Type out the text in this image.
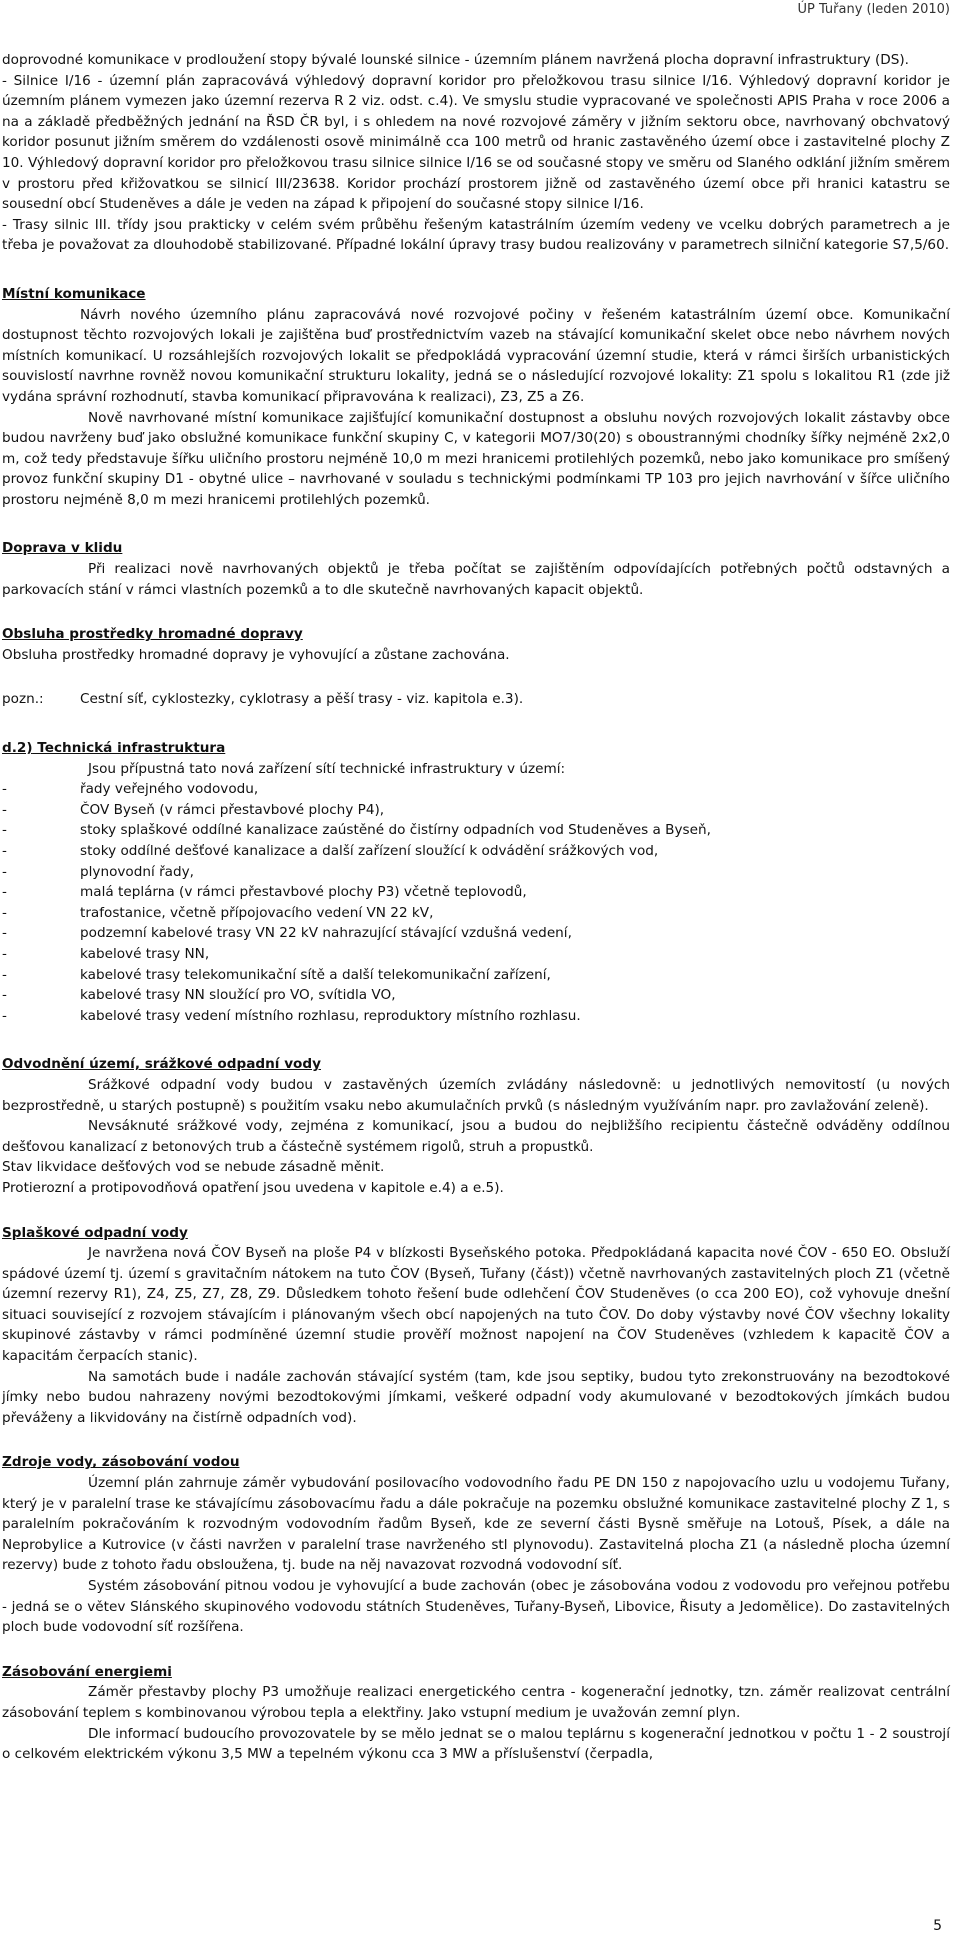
ÚP Tuřany (leden 2010)

doprovodné komunikace v prodloužení stopy bývalé lounské silnice - územním plánem navržená plocha dopravní infrastruktury (DS).

- Silnice I/16 - územní plán zapracovává výhledový dopravní koridor pro přeložkovou trasu silnice I/16. Výhledový dopravní koridor je územním plánem vymezen jako územní rezerva R 2 viz. odst. c.4). Ve smyslu studie vypracované ve společnosti APIS Praha v roce 2006 a na a základě předběžných jednání na ŘSD ČR byl, i s ohledem na nové rozvojové záměry v jižním sektoru obce, navrhovaný obchvatový koridor posunut jižním směrem do vzdálenosti osově minimálně cca 100 metrů od hranic zastavěného území obce i zastavitelné plochy Z 10. Výhledový dopravní koridor pro přeložkovou trasu silnice silnice I/16 se od současné stopy ve směru od Slaného odklání jižním směrem v prostoru před křižovatkou se silnicí III/23638. Koridor prochází prostorem jižně od zastavěného území obce při hranici katastru se sousední obcí Studeněves a dále je veden na západ k připojení do současné stopy silnice I/16.

- Trasy silnic III. třídy jsou prakticky v celém svém průběhu řešeným katastrálním územím vedeny ve vcelku dobrých parametrech a je třeba je považovat za dlouhodobě stabilizované. Případné lokální úpravy trasy budou realizovány v parametrech silniční kategorie S7,5/60.

Místní komunikace

Návrh nového územního plánu zapracovává nové rozvojové počiny v řešeném katastrálním území obce. Komunikační dostupnost těchto rozvojových lokali je zajištěna buď prostřednictvím vazeb na stávající komunikační skelet obce nebo návrhem nových místních komunikací. U rozsáhlejších rozvojových lokalit se předpokládá vypracování územní studie, která v rámci širších urbanistických souvislostí navrhne rovněž novou komunikační strukturu lokality, jedná se o následující rozvojové lokality: Z1 spolu s lokalitou R1 (zde již vydána správní rozhodnutí, stavba komunikací připravována k realizaci), Z3, Z5 a Z6.

Nově navrhované místní komunikace zajišťující komunikační dostupnost a obsluhu nových rozvojových lokalit zástavby obce budou navrženy buď jako obslužné komunikace funkční skupiny C, v kategorii MO7/30(20) s oboustrannými chodníky šířky nejméně 2x2,0 m, což tedy představuje šířku uličního prostoru nejméně 10,0 m mezi hranicemi protilehlých pozemků, nebo jako komunikace pro smíšený provoz funkční skupiny D1 - obytné ulice – navrhované v souladu s technickými podmínkami TP 103 pro jejich navrhování v šířce uličního prostoru nejméně 8,0 m mezi hranicemi protilehlých pozemků.

Doprava v klidu

Při realizaci nově navrhovaných objektů je třeba počítat se zajištěním odpovídajících potřebných počtů odstavných a parkovacích stání v rámci vlastních pozemků a to dle skutečně navrhovaných kapacit objektů.

Obsluha prostředky hromadné dopravy

Obsluha prostředky hromadné dopravy je vyhovující a zůstane zachována.

pozn.:	Cestní síť, cyklostezky, cyklotrasy a pěší trasy - viz. kapitola e.3).

d.2) Technická infrastruktura

Jsou přípustná tato nová zařízení sítí technické infrastruktury v území:

-	řady veřejného vodovodu,
-	ČOV Byseň (v rámci přestavbové plochy P4),
-	stoky splaškové oddílné kanalizace zaústěné do čistírny odpadních vod Studeněves a Byseň,
-	stoky oddílné dešťové kanalizace a další zařízení sloužící k odvádění srážkových vod,
-	plynovodní řady,
-	malá teplárna (v rámci přestavbové plochy P3) včetně teplovodů,
-	trafostanice, včetně přípojovacího vedení VN 22 kV,
-	podzemní kabelové trasy VN 22 kV nahrazující stávající vzdušná vedení,
-	kabelové trasy NN,
-	kabelové trasy telekomunikační sítě a další telekomunikační zařízení,
-	kabelové trasy NN sloužící pro VO, svítidla VO,
-	kabelové trasy vedení místního rozhlasu, reproduktory místního rozhlasu.

Odvodnění území, srážkové odpadní vody

Srážkové odpadní vody budou v zastavěných územích zvládány následovně: u jednotlivých nemovitostí (u nových bezprostředně, u starých postupně) s použitím vsaku nebo akumulačních prvků (s následným využíváním napr. pro zavlažování zeleně).

Nevsáknuté srážkové vody, zejména z komunikací, jsou a budou do nejbližšího recipientu částečně odváděny oddílnou dešťovou kanalizací z betonových trub a částečně systémem rigolů, struh a propustků.

Stav likvidace dešťových vod se nebude zásadně měnit.

Protierozní a protipovodňová opatření jsou uvedena v kapitole e.4) a e.5).

Splaškové odpadní vody

Je navržena nová ČOV Byseň na ploše P4 v blízkosti Byseňského potoka. Předpokládaná kapacita nové ČOV - 650 EO. Obsluží spádové území tj. území s gravitačním nátokem na tuto ČOV (Byseň, Tuřany (část)) včetně navrhovaných zastavitelných ploch Z1 (včetně územní rezervy R1), Z4, Z5, Z7, Z8, Z9. Důsledkem tohoto řešení bude odlehčení ČOV Studeněves (o cca 200 EO), což vyhovuje dnešní situaci související z rozvojem stávajícím i plánovaným všech obcí napojených na tuto ČOV. Do doby výstavby nové ČOV všechny lokality skupinové zástavby v rámci podmíněné územní studie prověří možnost napojení na ČOV Studeněves (vzhledem k kapacitě ČOV a kapacitám čerpacích stanic).

Na samotách bude i nadále zachován stávající systém (tam, kde jsou septiky, budou tyto zrekonstruovány na bezodtokové jímky nebo budou nahrazeny novými bezodtokovými jímkami, veškeré odpadní vody akumulované v bezodtokových jímkách budou převáženy a likvidovány na čistírně odpadních vod).

Zdroje vody, zásobování vodou

Územní plán zahrnuje záměr vybudování posilovacího vodovodního řadu PE DN 150 z napojovacího uzlu u vodojemu Tuřany, který je v paralelní trase ke stávajícímu zásobovacímu řadu a dále pokračuje na pozemku obslužné komunikace zastavitelné plochy Z 1, s paralelním pokračováním k rozvodným vodovodním řadům Byseň, kde ze severní části Bysně směřuje na Lotouš, Písek, a dále na Neprobylice a Kutrovice (v části navržen v paralelní trase navrženého stl plynovodu). Zastavitelná plocha Z1 (a následně plocha územní rezervy) bude z tohoto řadu obsloužena, tj. bude na něj navazovat rozvodná vodovodní síť.

Systém zásobování pitnou vodou je vyhovující a bude zachován (obec je zásobována vodou z vodovodu pro veřejnou potřebu - jedná se o větev Slánského skupinového vodovodu státních Studeněves, Tuřany-Byseň, Libovice, Řisuty a Jedomělice). Do zastavitelných ploch bude vodovodní síť rozšířena.

Zásobování energiemi

Záměr přestavby plochy P3 umožňuje realizaci energetického centra - kogenerační jednotky, tzn. záměr realizovat centrální zásobování teplem s kombinovanou výrobou tepla a elektřiny. Jako vstupní medium je uvažován zemní plyn.

Dle informací budoucího provozovatele by se mělo jednat se o malou teplárnu s kogenerační jednotkou v počtu 1 - 2 soustrojí o celkovém elektrickém výkonu 3,5 MW a tepelném výkonu cca 3 MW a příslušenství (čerpadla,

5
